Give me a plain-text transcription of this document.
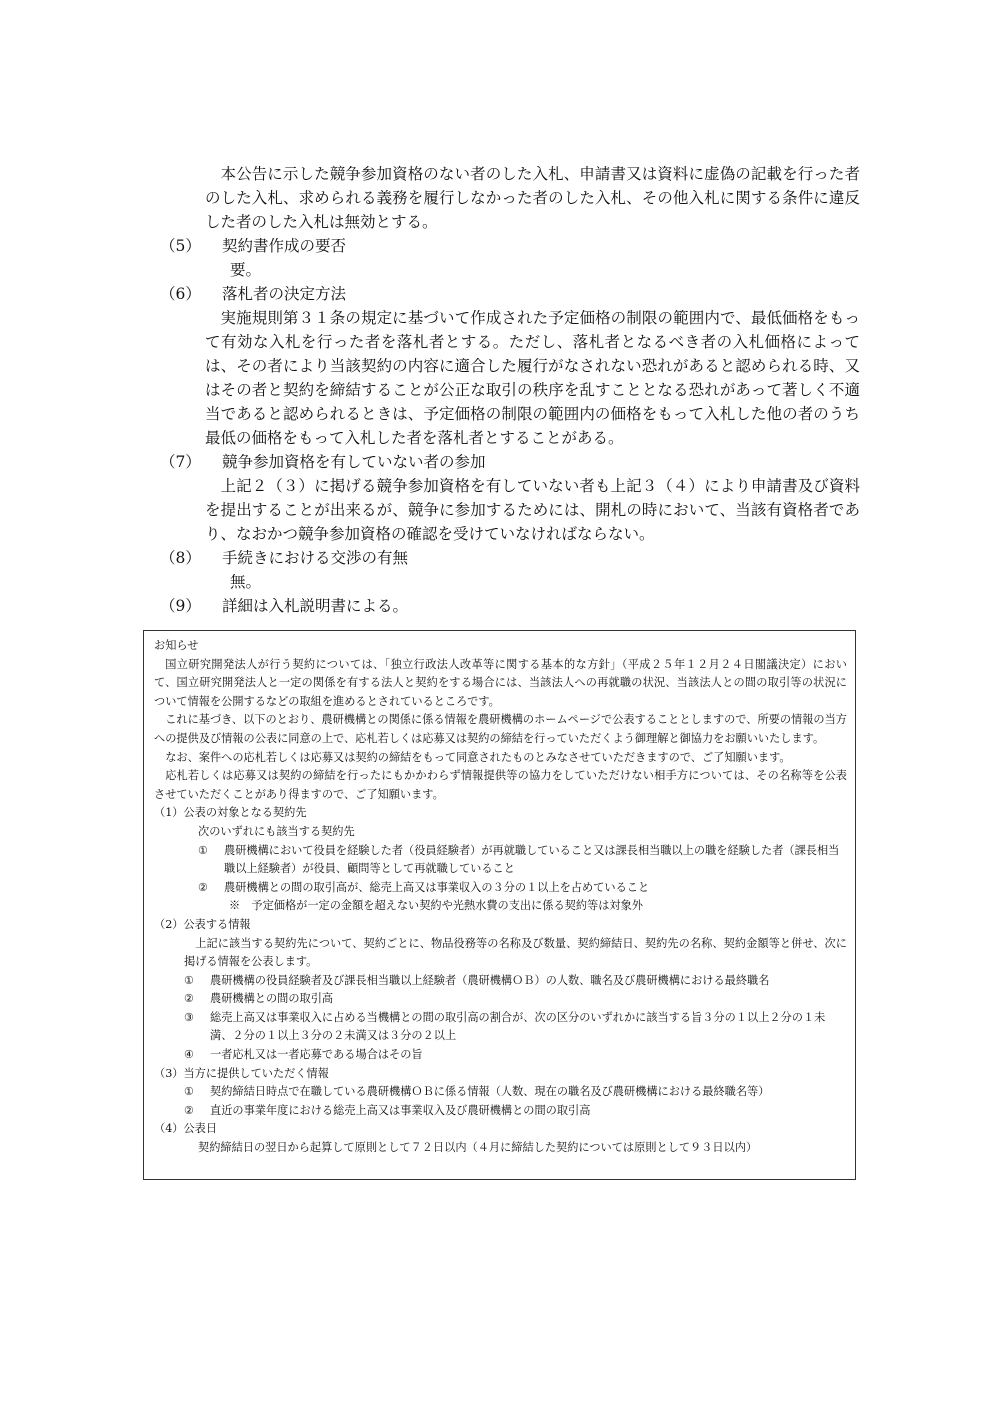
本公告に示した競争参加資格のない者のした入札、申請書又は資料に虚偽の記載を行った者のした入札、求められる義務を履行しなかった者のした入札、その他入札に関する条件に違反した者のした入札は無効とする。

（5）	契約書作成の要否

要。

（6）	落札者の決定方法

実施規則第３１条の規定に基づいて作成された予定価格の制限の範囲内で、最低価格をもって有効な入札を行った者を落札者とする。ただし、落札者となるべき者の入札価格によっては、その者により当該契約の内容に適合した履行がなされない恐れがあると認められる時、又はその者と契約を締結することが公正な取引の秩序を乱すこととなる恐れがあって著しく不適当であると認められるときは、予定価格の制限の範囲内の価格をもって入札した他の者のうち最低の価格をもって入札した者を落札者とすることがある。

（7）	競争参加資格を有していない者の参加

上記２（３）に掲げる競争参加資格を有していない者も上記３（４）により申請書及び資料を提出することが出来るが、競争に参加するためには、開札の時において、当該有資格者であり、なおかつ競争参加資格の確認を受けていなければならない。

（8）	手続きにおける交渉の有無

無。

（9）	詳細は入札説明書による。

お知らせ

国立研究開発法人が行う契約については、「独立行政法人改革等に関する基本的な方針」（平成２５年１２月２４日閣議決定）において、国立研究開発法人と一定の関係を有する法人と契約をする場合には、当該法人への再就職の状況、当該法人との間の取引等の状況について情報を公開するなどの取組を進めるとされているところです。

これに基づき、以下のとおり、農研機構との関係に係る情報を農研機構のホームページで公表することとしますので、所要の情報の当方への提供及び情報の公表に同意の上で、応札若しくは応募又は契約の締結を行っていただくよう御理解と御協力をお願いいたします。

なお、案件への応札若しくは応募又は契約の締結をもって同意されたものとみなさせていただきますので、ご了知願います。

応札若しくは応募又は契約の締結を行ったにもかかわらず情報提供等の協力をしていただけない相手方については、その名称等を公表させていただくことがあり得ますので、ご了知願います。

（1）公表の対象となる契約先

次のいずれにも該当する契約先

①	農研機構において役員を経験した者（役員経験者）が再就職していること又は課長相当職以上の職を経験した者（課長相当職以上経験者）が役員、顧問等として再就職していること

②	農研機構との間の取引高が、総売上高又は事業収入の３分の１以上を占めていること

※　予定価格が一定の金額を超えない契約や光熱水費の支出に係る契約等は対象外

（2）公表する情報

上記に該当する契約先について、契約ごとに、物品役務等の名称及び数量、契約締結日、契約先の名称、契約金額等と併せ、次に掲げる情報を公表します。

①	農研機構の役員経験者及び課長相当職以上経験者（農研機構ＯＢ）の人数、職名及び農研機構における最終職名

②	農研機構との間の取引高

③	総売上高又は事業収入に占める当機構との間の取引高の割合が、次の区分のいずれかに該当する旨３分の１以上２分の１未満、２分の１以上３分の２未満又は３分の２以上

④	一者応札又は一者応募である場合はその旨

（3）当方に提供していただく情報

①	契約締結日時点で在職している農研機構ＯＢに係る情報（人数、現在の職名及び農研機構における最終職名等）

②	直近の事業年度における総売上高又は事業収入及び農研機構との間の取引高

（4）公表日

契約締結日の翌日から起算して原則として７２日以内（４月に締結した契約については原則として９３日以内）
